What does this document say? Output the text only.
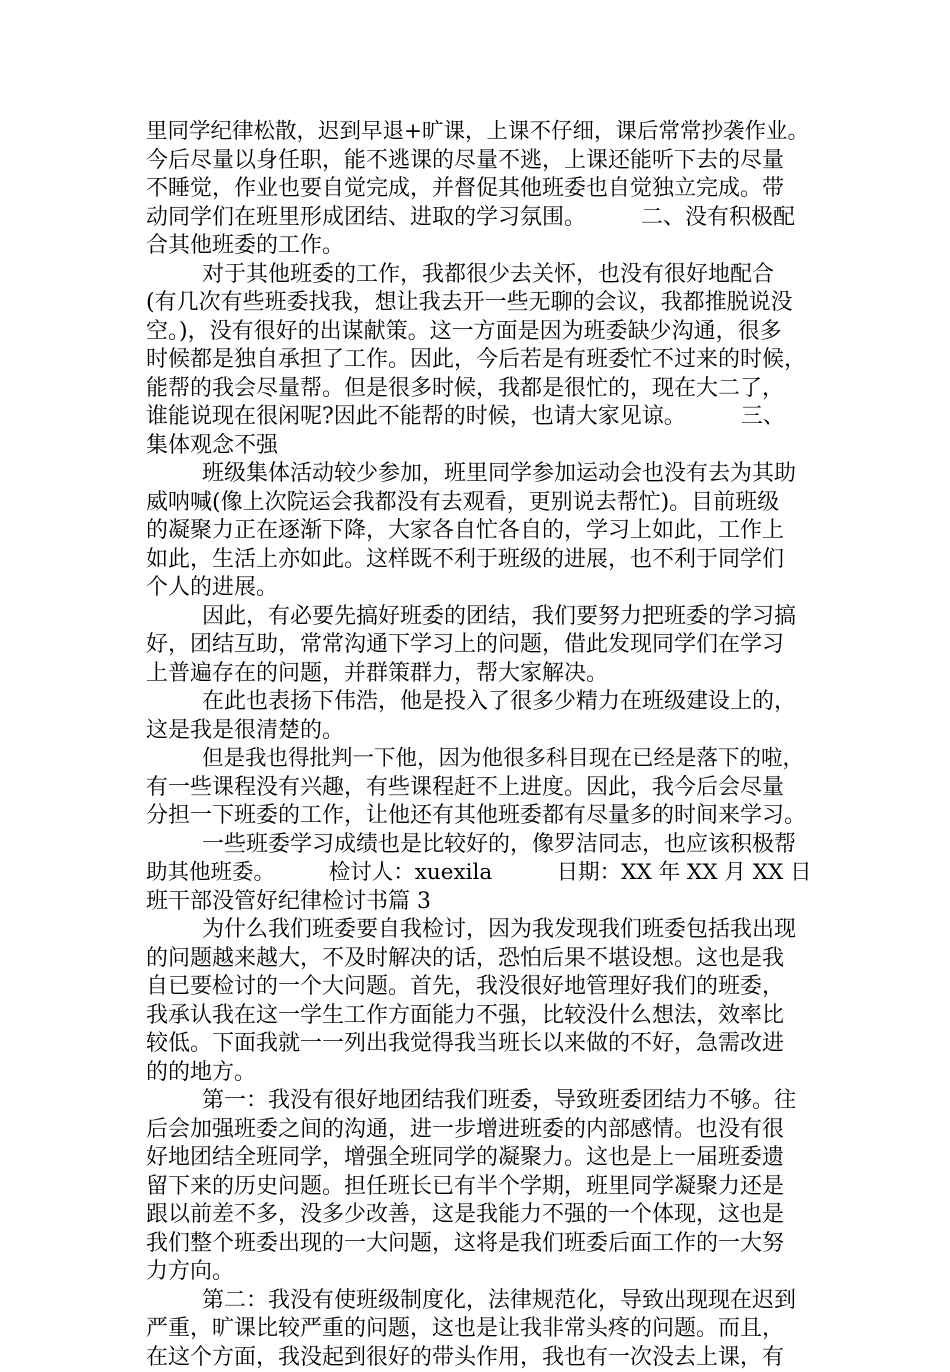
里同学纪律松散，迟到早退+旷课，上课不仔细，课后常常抄袭作业。
今后尽量以身任职，能不逃课的尽量不逃，上课还能听下去的尽量
不睡觉，作业也要自觉完成，并督促其他班委也自觉独立完成。带
动同学们在班里形成团结、进取的学习氛围。　　　二、没有积极配
合其他班委的工作。
对于其他班委的工作，我都很少去关怀，也没有很好地配合
(有几次有些班委找我，想让我去开一些无聊的会议，我都推脱说没
空。)，没有很好的出谋献策。这一方面是因为班委缺少沟通，很多
时候都是独自承担了工作。因此，今后若是有班委忙不过来的时候，
能帮的我会尽量帮。但是很多时候，我都是很忙的，现在大二了，
谁能说现在很闲呢?因此不能帮的时候，也请大家见谅。　　　三、
集体观念不强
班级集体活动较少参加，班里同学参加运动会也没有去为其助
威呐喊(像上次院运会我都没有去观看，更别说去帮忙)。目前班级
的凝聚力正在逐渐下降，大家各自忙各自的，学习上如此，工作上
如此，生活上亦如此。这样既不利于班级的进展，也不利于同学们
个人的进展。
因此，有必要先搞好班委的团结，我们要努力把班委的学习搞
好，团结互助，常常沟通下学习上的问题，借此发现同学们在学习
上普遍存在的问题，并群策群力，帮大家解决。
在此也表扬下伟浩，他是投入了很多少精力在班级建设上的，
这是我是很清楚的。
但是我也得批判一下他，因为他很多科目现在已经是落下的啦，
有一些课程没有兴趣，有些课程赶不上进度。因此，我今后会尽量
分担一下班委的工作，让他还有其他班委都有尽量多的时间来学习。
一些班委学习成绩也是比较好的，像罗洁同志，也应该积极帮
助其他班委。　　　检讨人：xuexila　　　日期：XX 年 XX 月 XX 日
班干部没管好纪律检讨书篇 3
为什么我们班委要自我检讨，因为我发现我们班委包括我出现
的问题越来越大，不及时解决的话，恐怕后果不堪设想。这也是我
自已要检讨的一个大问题。首先，我没很好地管理好我们的班委，
我承认我在这一学生工作方面能力不强，比较没什么想法，效率比
较低。下面我就一一列出我觉得我当班长以来做的不好，急需改进
的的地方。
第一：我没有很好地团结我们班委，导致班委团结力不够。往
后会加强班委之间的沟通，进一步增进班委的内部感情。也没有很
好地团结全班同学，增强全班同学的凝聚力。这也是上一届班委遗
留下来的历史问题。担任班长已有半个学期，班里同学凝聚力还是
跟以前差不多，没多少改善，这是我能力不强的一个体现，这也是
我们整个班委出现的一大问题，这将是我们班委后面工作的一大努
力方向。
第二：我没有使班级制度化，法律规范化，导致出现现在迟到
严重，旷课比较严重的问题，这也是让我非常头疼的问题。而且，
在这个方面，我没起到很好的带头作用，我也有一次没去上课，有
